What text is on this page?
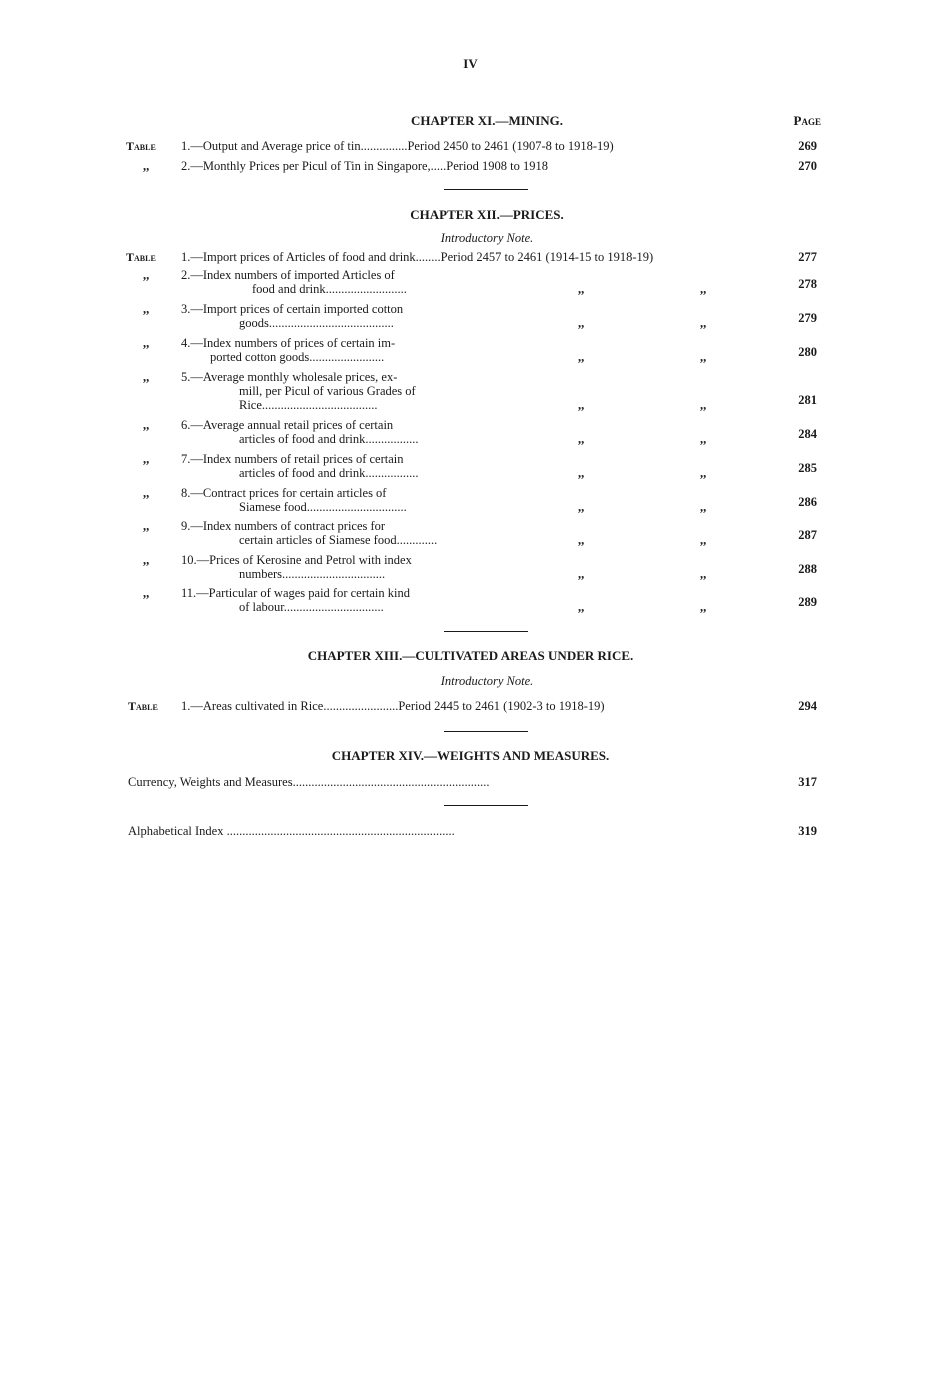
IV
CHAPTER XI.—MINING.	Page
Table 1.—Output and Average price of tin...............Period 2450 to 2461 (1907-8 to 1918-19)	269
,,	2.—Monthly Prices per Picul of Tin in Singapore,.....Period 1908 to 1918	270
CHAPTER XII.—PRICES.
Introductory Note.
Table 1.—Import prices of Articles of food and drink........Period 2457 to 2461 (1914-15 to 1918-19)	277
,,	2.—Index numbers of imported Articles of
food and drink..........................	,,	,,	278
,,	3.—Import prices of certain imported cotton
goods........................................	,,	,,	279
,,	4.—Index numbers of prices of certain im-
ported cotton goods........................	,,	,,	280
,,	5.—Average monthly wholesale prices, ex-
mill, per Picul of various Grades of
Rice.....................................	,,	,,	281
,,	6.—Average annual retail prices of certain
articles of food and drink.................	,,	,,	284
,,	7.—Index numbers of retail prices of certain
articles of food and drink.................	,,	,,	285
,,	8.—Contract prices for certain articles of
Siamese food................................	,,	,,	286
,,	9.—Index numbers of contract prices for
certain articles of Siamese food.............	,,	,,	287
,,	10.—Prices of Kerosine and Petrol with index
numbers.................................	,,	,,	288
,,	11.—Particular of wages paid for certain kind
of labour................................	,,	,,	289
CHAPTER XIII.—CULTIVATED AREAS UNDER RICE.
Introductory Note.
Table 1.—Areas cultivated in Rice........................Period 2445 to 2461 (1902-3 to 1918-19)	294
CHAPTER XIV.—WEIGHTS AND MEASURES.
Currency, Weights and Measures...............................................................	317
Alphabetical Index .........................................................................	319
